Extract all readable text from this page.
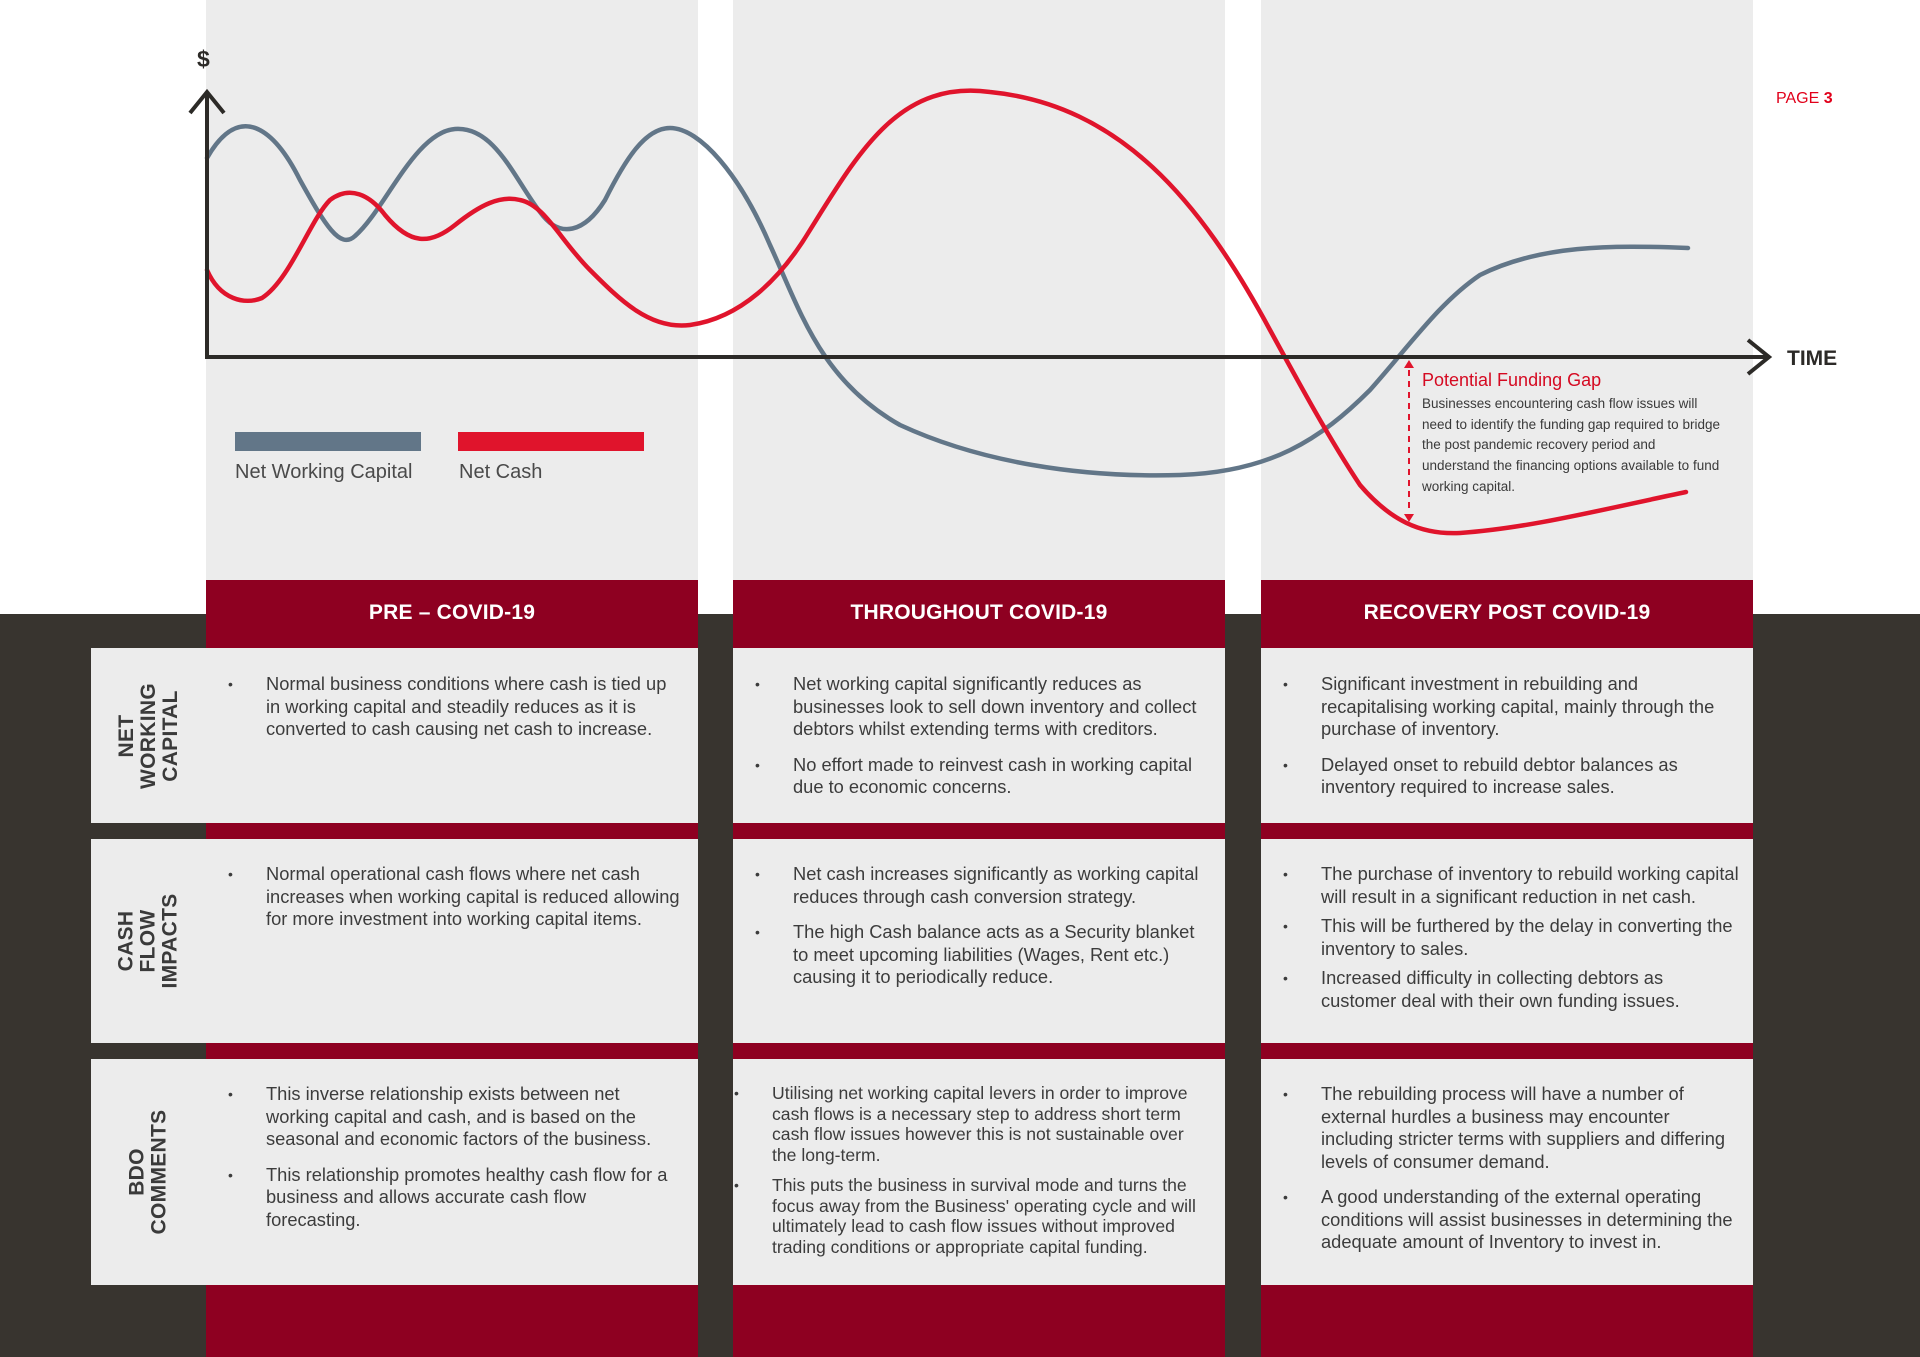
PAGE 3
$
TIME
Net Working Capital Net Cash
Potential Funding Gap
Businesses encountering cash flow issues will need to identify the funding gap required to bridge the post pandemic recovery period and understand the financing options available to fund working capital.
PRE – COVID-19	THROUGHOUT COVID-19	RECOVERY POST COVID-19
NET
WORKING
CAPITAL
CASH FLOW
IMPACTS
BDO
COMMENTS
• Normal business conditions where cash is tied up in working capital and steadily reduces as it is converted to cash causing net cash to increase.
• Net working capital significantly reduces as businesses look to sell down inventory and collect debtors whilst extending terms with creditors.
• No effort made to reinvest cash in working capital due to economic concerns.
• Significant investment in rebuilding and recapitalising working capital, mainly through the purchase of inventory.
• Delayed onset to rebuild debtor balances as inventory required to increase sales.
• Normal operational cash flows where net cash increases when working capital is reduced allowing for more investment into working capital items.
• Net cash increases significantly as working capital reduces through cash conversion strategy.
• The high Cash balance acts as a Security blanket to meet upcoming liabilities (Wages, Rent etc.) causing it to periodically reduce.
• The purchase of inventory to rebuild working capital will result in a significant reduction in net cash.
• This will be furthered by the delay in converting the inventory to sales.
• Increased difficulty in collecting debtors as customer deal with their own funding issues.
• This inverse relationship exists between net working capital and cash, and is based on the seasonal and economic factors of the business.
• This relationship promotes healthy cash flow for a business and allows accurate cash flow forecasting.
• Utilising net working capital levers in order to improve cash flows is a necessary step to address short term cash flow issues however this is not sustainable over the long-term.
• This puts the business in survival mode and turns the focus away from the Business' operating cycle and will ultimately lead to cash flow issues without improved trading conditions or appropriate capital funding.
• The rebuilding process will have a number of external hurdles a business may encounter including stricter terms with suppliers and differing levels of consumer demand.
• A good understanding of the external operating conditions will assist businesses in determining the adequate amount of Inventory to invest in.
